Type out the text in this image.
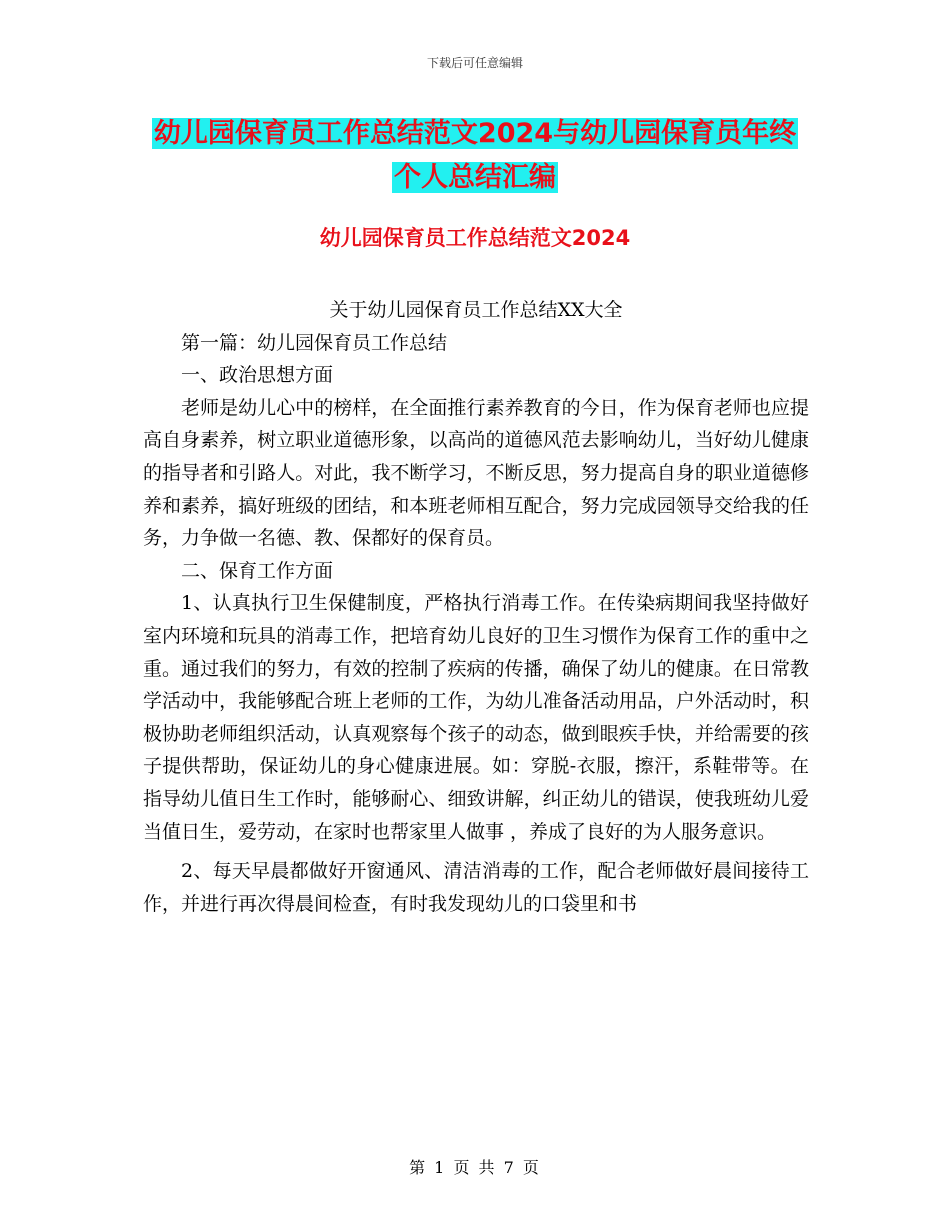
下载后可任意编辑
幼儿园保育员工作总结范文2024与幼儿园保育员年终
个人总结汇编
幼儿园保育员工作总结范文2024

关于幼儿园保育员工作总结XX大全

第一篇：幼儿园保育员工作总结

一、政治思想方面

老师是幼儿心中的榜样，在全面推行素养教育的今日，作为保育老师也应提高自身素养，树立职业道德形象，以高尚的道德风范去影响幼儿，当好幼儿健康的指导者和引路人。对此，我不断学习，不断反思，努力提高自身的职业道德修养和素养，搞好班级的团结，和本班老师相互配合，努力完成园领导交给我的任务，力争做一名德、教、保都好的保育员。

二、保育工作方面

1、认真执行卫生保健制度，严格执行消毒工作。在传染病期间我坚持做好室内环境和玩具的消毒工作，把培育幼儿良好的卫生习惯作为保育工作的重中之重。通过我们的努力，有效的控制了疾病的传播，确保了幼儿的健康。在日常教学活动中，我能够配合班上老师的工作，为幼儿准备活动用品，户外活动时，积极协助老师组织活动，认真观察每个孩子的动态，做到眼疾手快，并给需要的孩子提供帮助，保证幼儿的身心健康进展。如：穿脱-衣服，擦汗，系鞋带等。在指导幼儿值日生工作时，能够耐心、细致讲解，纠正幼儿的错误，使我班幼儿爱当值日生，爱劳动，在家时也帮家里人做事 ，养成了良好的为人服务意识。

2、每天早晨都做好开窗通风、清洁消毒的工作，配合老师做好晨间接待工作，并进行再次得晨间检查，有时我发现幼儿的口袋里和书

第 1 页 共 7 页
